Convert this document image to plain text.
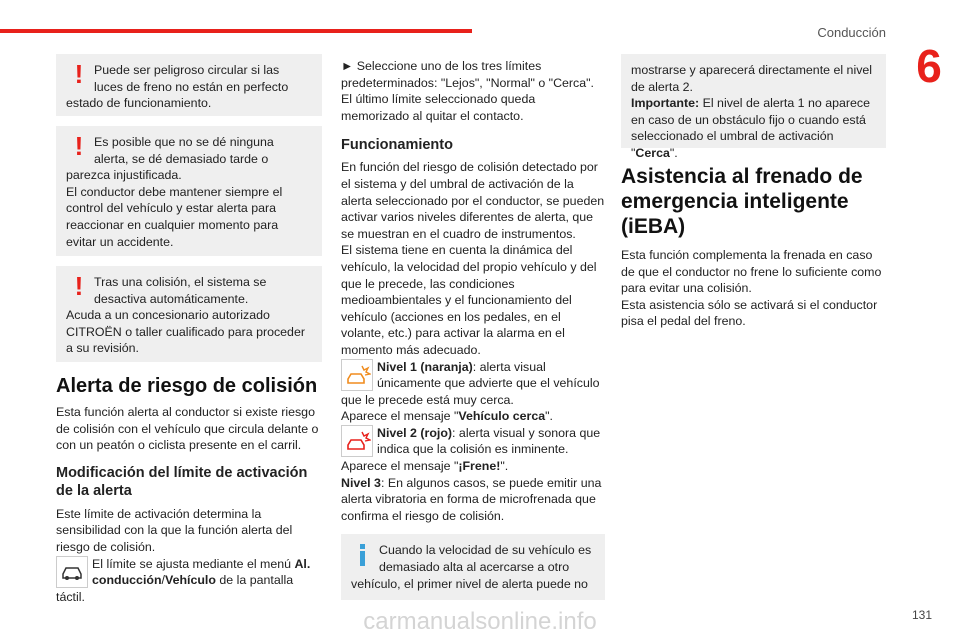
Conducción
6
! Puede ser peligroso circular si las luces de freno no están en perfecto estado de funcionamiento.
! Es posible que no se dé ninguna alerta, se dé demasiado tarde o parezca injustificada.
El conductor debe mantener siempre el control del vehículo y estar alerta para reaccionar en cualquier momento para evitar un accidente.
! Tras una colisión, el sistema se desactiva automáticamente.
Acuda a un concesionario autorizado CITROËN o taller cualificado para proceder a su revisión.
Alerta de riesgo de colisión
Esta función alerta al conductor si existe riesgo de colisión con el vehículo que circula delante o con un peatón o ciclista presente en el carril.
Modificación del límite de activación de la alerta
Este límite de activación determina la sensibilidad con la que la función alerta del riesgo de colisión.
El límite se ajusta mediante el menú Al. conducción/Vehículo de la pantalla táctil.
► Seleccione uno de los tres límites predeterminados: "Lejos", "Normal" o "Cerca".
El último límite seleccionado queda memorizado al quitar el contacto.
Funcionamiento
En función del riesgo de colisión detectado por el sistema y del umbral de activación de la alerta seleccionado por el conductor, se pueden activar varios niveles diferentes de alerta, que se muestran en el cuadro de instrumentos.
El sistema tiene en cuenta la dinámica del vehículo, la velocidad del propio vehículo y del que le precede, las condiciones medioambientales y el funcionamiento del vehículo (acciones en los pedales, en el volante, etc.) para activar la alarma en el momento más adecuado.
Nivel 1 (naranja): alerta visual únicamente que advierte que el vehículo que le precede está muy cerca.
Aparece el mensaje "Vehículo cerca".
Nivel 2 (rojo): alerta visual y sonora que indica que la colisión es inminente.
Aparece el mensaje "¡Frene!".
Nivel 3: En algunos casos, se puede emitir una alerta vibratoria en forma de microfrenada que confirma el riesgo de colisión.
Cuando la velocidad de su vehículo es demasiado alta al acercarse a otro vehículo, el primer nivel de alerta puede no
mostrarse y aparecerá directamente el nivel de alerta 2.
Importante: El nivel de alerta 1 no aparece en caso de un obstáculo fijo o cuando está seleccionado el umbral de activación "Cerca".
Asistencia al frenado de emergencia inteligente (iEBA)
Esta función complementa la frenada en caso de que el conductor no frene lo suficiente como para evitar una colisión.
Esta asistencia sólo se activará si el conductor pisa el pedal del freno.
carmanualsonline.info	131
